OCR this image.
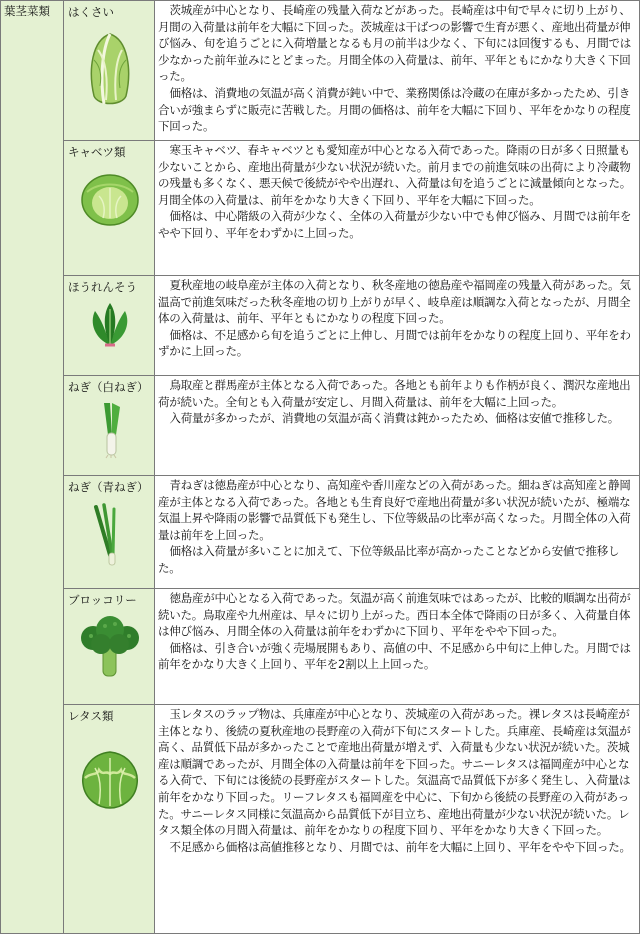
葉茎菜類	はくさい	茨城産が中心となり、長崎産の残量入荷などがあった。長崎産は中旬で早々に切り上がり、月間の入荷量は前年を大幅に下回った。茨城産は干ばつの影響で生育が悪く、産地出荷量が伸び悩み、旬を追うごとに入荷増量となるも月の前半は少なく、下旬には回復するも、月間では少なかった前年並みにとどまった。月間全体の入荷量は、前年、平年ともにかなり大きく下回った。

価格は、消費地の気温が高く消費が鈍い中で、業務関係は冷蔵の在庫が多かったため、引き合いが強まらずに販売に苦戦した。月間の価格は、前年を大幅に下回り、平年をかなりの程度下回った。

	キャベツ類	寒玉キャベツ、春キャベツとも愛知産が中心となる入荷であった。降雨の日が多く日照量も少ないことから、産地出荷量が少ない状況が続いた。前月までの前進気味の出荷により冷蔵物の残量も多くなく、悪天候で後続がやや出遅れ、入荷量は旬を追うごとに減量傾向となった。月間全体の入荷量は、前年をかなり大きく下回り、平年を大幅に下回った。

価格は、中心階級の入荷が少なく、全体の入荷量が少ない中でも伸び悩み、月間では前年をやや下回り、平年をわずかに上回った。

	ほうれんそう	夏秋産地の岐阜産が主体の入荷となり、秋冬産地の徳島産や福岡産の残量入荷があった。気温高で前進気味だった秋冬産地の切り上がりが早く、岐阜産は順調な入荷となったが、月間全体の入荷量は、前年、平年ともにかなりの程度下回った。

価格は、不足感から旬を追うごとに上伸し、月間では前年をかなりの程度上回り、平年をわずかに上回った。

	ねぎ（白ねぎ）	鳥取産と群馬産が主体となる入荷であった。各地とも前年よりも作柄が良く、潤沢な産地出荷が続いた。全旬とも入荷量が安定し、月間入荷量は、前年を大幅に上回った。

入荷量が多かったが、消費地の気温が高く消費は鈍かったため、価格は安値で推移した。

	ねぎ（青ねぎ）	青ねぎは徳島産が中心となり、高知産や香川産などの入荷があった。細ねぎは高知産と静岡産が主体となる入荷であった。各地とも生育良好で産地出荷量が多い状況が続いたが、極端な気温上昇や降雨の影響で品質低下も発生し、下位等級品の比率が高くなった。月間全体の入荷量は前年を上回った。

価格は入荷量が多いことに加えて、下位等級品比率が高かったことなどから安値で推移した。

	ブロッコリー	徳島産が中心となる入荷であった。気温が高く前進気味ではあったが、比較的順調な出荷が続いた。鳥取産や九州産は、早々に切り上がった。西日本全体で降雨の日が多く、入荷量自体は伸び悩み、月間全体の入荷量は前年をわずかに下回り、平年をやや下回った。

価格は、引き合いが強く売場展開もあり、高値の中、不足感から中旬に上伸した。月間では前年をかなり大きく上回り、平年を2割以上上回った。

	レタス類	玉レタスのラップ物は、兵庫産が中心となり、茨城産の入荷があった。裸レタスは長崎産が主体となり、後続の夏秋産地の長野産の入荷が下旬にスタートした。兵庫産、長崎産は気温が高く、品質低下品が多かったことで産地出荷量が増えず、入荷量も少ない状況が続いた。茨城産は順調であったが、月間全体の入荷量は前年を下回った。サニーレタスは福岡産が中心となる入荷で、下旬には後続の長野産がスタートした。気温高で品質低下が多く発生し、入荷量は前年をかなり下回った。リーフレタスも福岡産を中心に、下旬から後続の長野産の入荷があった。サニーレタス同様に気温高から品質低下が目立ち、産地出荷量が少ない状況が続いた。レタス類全体の月間入荷量は、前年をかなりの程度下回り、平年をかなり大きく下回った。

不足感から価格は高値推移となり、月間では、前年を大幅に上回り、平年をやや下回った。
